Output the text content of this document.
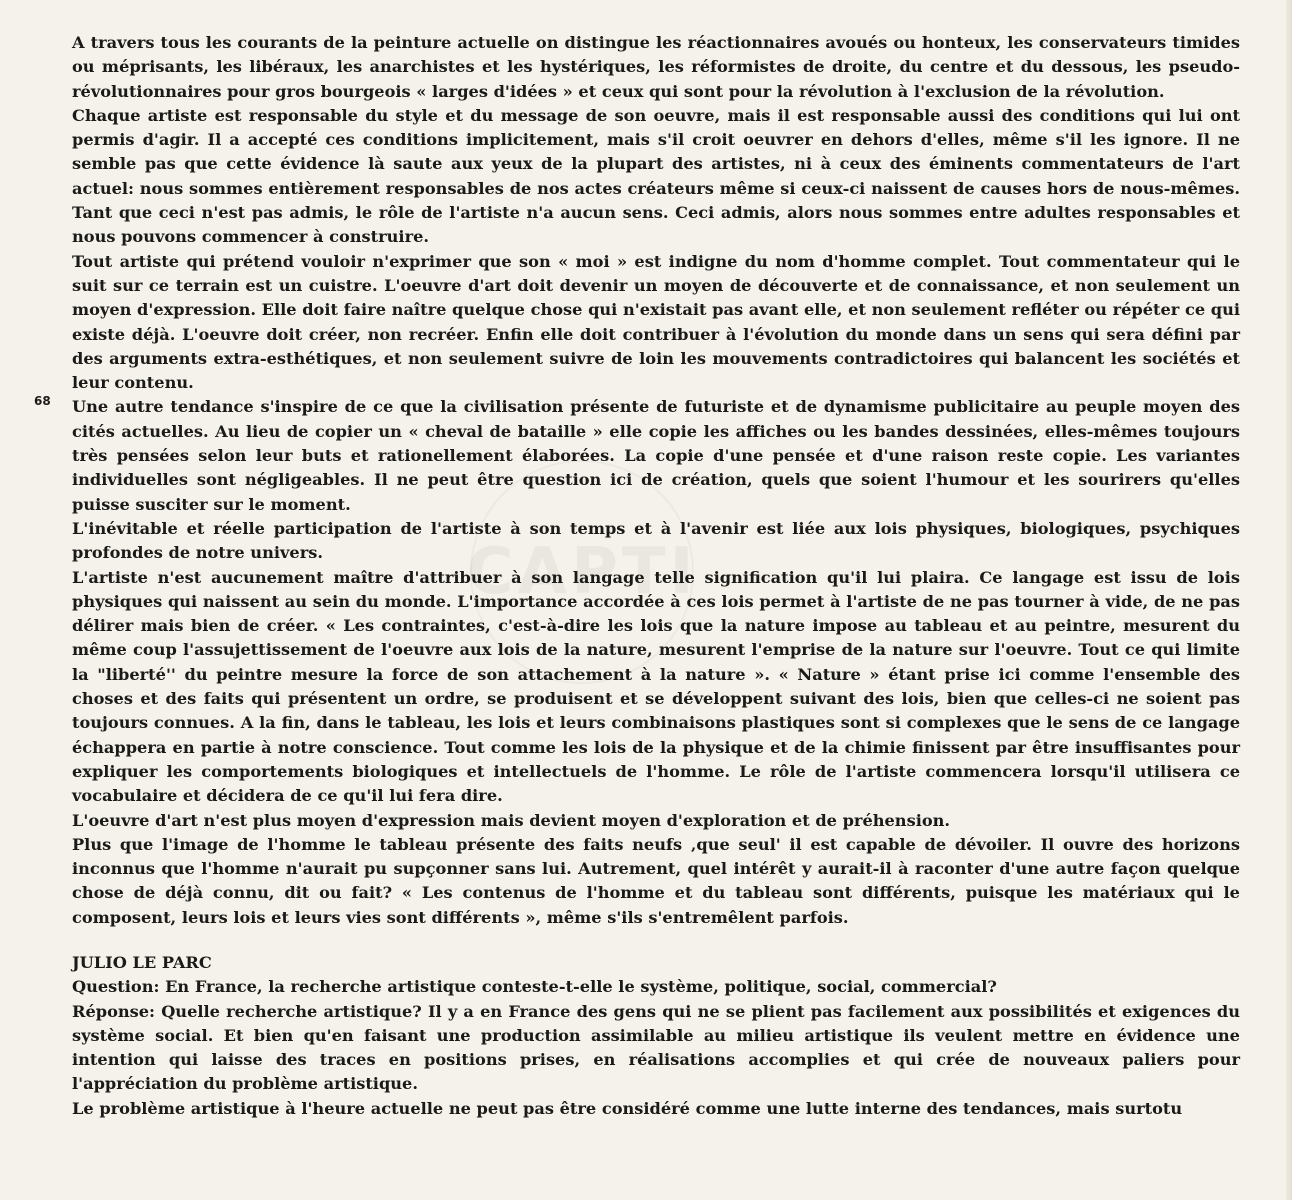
68

A travers tous les courants de la peinture actuelle on distingue les réactionnaires avoués ou honteux, les conservateurs timides ou méprisants, les libéraux, les anarchistes et les hystériques, les réformistes de droite, du centre et du dessous, les pseudo-révolutionnaires pour gros bourgeois « larges d'idées » et ceux qui sont pour la révolution à l'exclusion de la révolution.

Chaque artiste est responsable du style et du message de son oeuvre, mais il est responsable aussi des conditions qui lui ont permis d'agir. Il a accepté ces conditions implicitement, mais s'il croit oeuvrer en dehors d'elles, même s'il les ignore. Il ne semble pas que cette évidence là saute aux yeux de la plupart des artistes, ni à ceux des éminents commentateurs de l'art actuel: nous sommes entièrement responsables de nos actes créateurs même si ceux-ci naissent de causes hors de nous-mêmes. Tant que ceci n'est pas admis, le rôle de l'artiste n'a aucun sens. Ceci admis, alors nous sommes entre adultes responsables et nous pouvons commencer à construire.

Tout artiste qui prétend vouloir n'exprimer que son « moi » est indigne du nom d'homme complet. Tout commentateur qui le suit sur ce terrain est un cuistre. L'oeuvre d'art doit devenir un moyen de découverte et de connaissance, et non seulement un moyen d'expression. Elle doit faire naître quelque chose qui n'existait pas avant elle, et non seulement refléter ou répéter ce qui existe déjà. L'oeuvre doit créer, non recréer. Enfin elle doit contribuer à l'évolution du monde dans un sens qui sera défini par des arguments extra-esthétiques, et non seulement suivre de loin les mouvements contradictoires qui balancent les sociétés et leur contenu.

Une autre tendance s'inspire de ce que la civilisation présente de futuriste et de dynamisme publicitaire au peuple moyen des cités actuelles. Au lieu de copier un « cheval de bataille » elle copie les affiches ou les bandes dessinées, elles-mêmes toujours très pensées selon leur buts et rationellement élaborées. La copie d'une pensée et d'une raison reste copie. Les variantes individuelles sont négligeables. Il ne peut être question ici de création, quels que soient l'humour et les sourirers qu'elles puisse susciter sur le moment.

L'inévitable et réelle participation de l'artiste à son temps et à l'avenir est liée aux lois physiques, biologiques, psychiques profondes de notre univers.

L'artiste n'est aucunement maître d'attribuer à son langage telle signification qu'il lui plaira. Ce langage est issu de lois physiques qui naissent au sein du monde. L'importance accordée à ces lois permet à l'artiste de ne pas tourner à vide, de ne pas délirer mais bien de créer. « Les contraintes, c'est-à-dire les lois que la nature impose au tableau et au peintre, mesurent du même coup l'assujettissement de l'oeuvre aux lois de la nature, mesurent l'emprise de la nature sur l'oeuvre. Tout ce qui limite la "liberté'' du peintre mesure la force de son attachement à la nature ». « Nature » étant prise ici comme l'ensemble des choses et des faits qui présentent un ordre, se produisent et se développent suivant des lois, bien que celles-ci ne soient pas toujours connues. A la fin, dans le tableau, les lois et leurs combinaisons plastiques sont si complexes que le sens de ce langage échappera en partie à notre conscience. Tout comme les lois de la physique et de la chimie finissent par être insuffisantes pour expliquer les comportements biologiques et intellectuels de l'homme. Le rôle de l'artiste commencera lorsqu'il utilisera ce vocabulaire et décidera de ce qu'il lui fera dire.

L'oeuvre d'art n'est plus moyen d'expression mais devient moyen d'exploration et de préhension.

Plus que l'image de l'homme le tableau présente des faits neufs ‚que seul' il est capable de dévoiler. Il ouvre des horizons inconnus que l'homme n'aurait pu supçonner sans lui. Autrement, quel intérêt y aurait-il à raconter d'une autre façon quelque chose de déjà connu, dit ou fait? « Les contenus de l'homme et du tableau sont différents, puisque les matériaux qui le composent, leurs lois et leurs vies sont différents », même s'ils s'entremêlent parfois.

JULIO LE PARC

Question: En France, la recherche artistique conteste-t-elle le système, politique, social, commercial?

Réponse: Quelle recherche artistique? Il y a en France des gens qui ne se plient pas facilement aux possibilités et exigences du système social. Et bien qu'en faisant une production assimilable au milieu artistique ils veulent mettre en évidence une intention qui laisse des traces en positions prises, en réalisations accomplies et qui crée de nouveaux paliers pour l'appréciation du problème artistique.

Le problème artistique à l'heure actuelle ne peut pas être considéré comme une lutte interne des tendances, mais surtotu
